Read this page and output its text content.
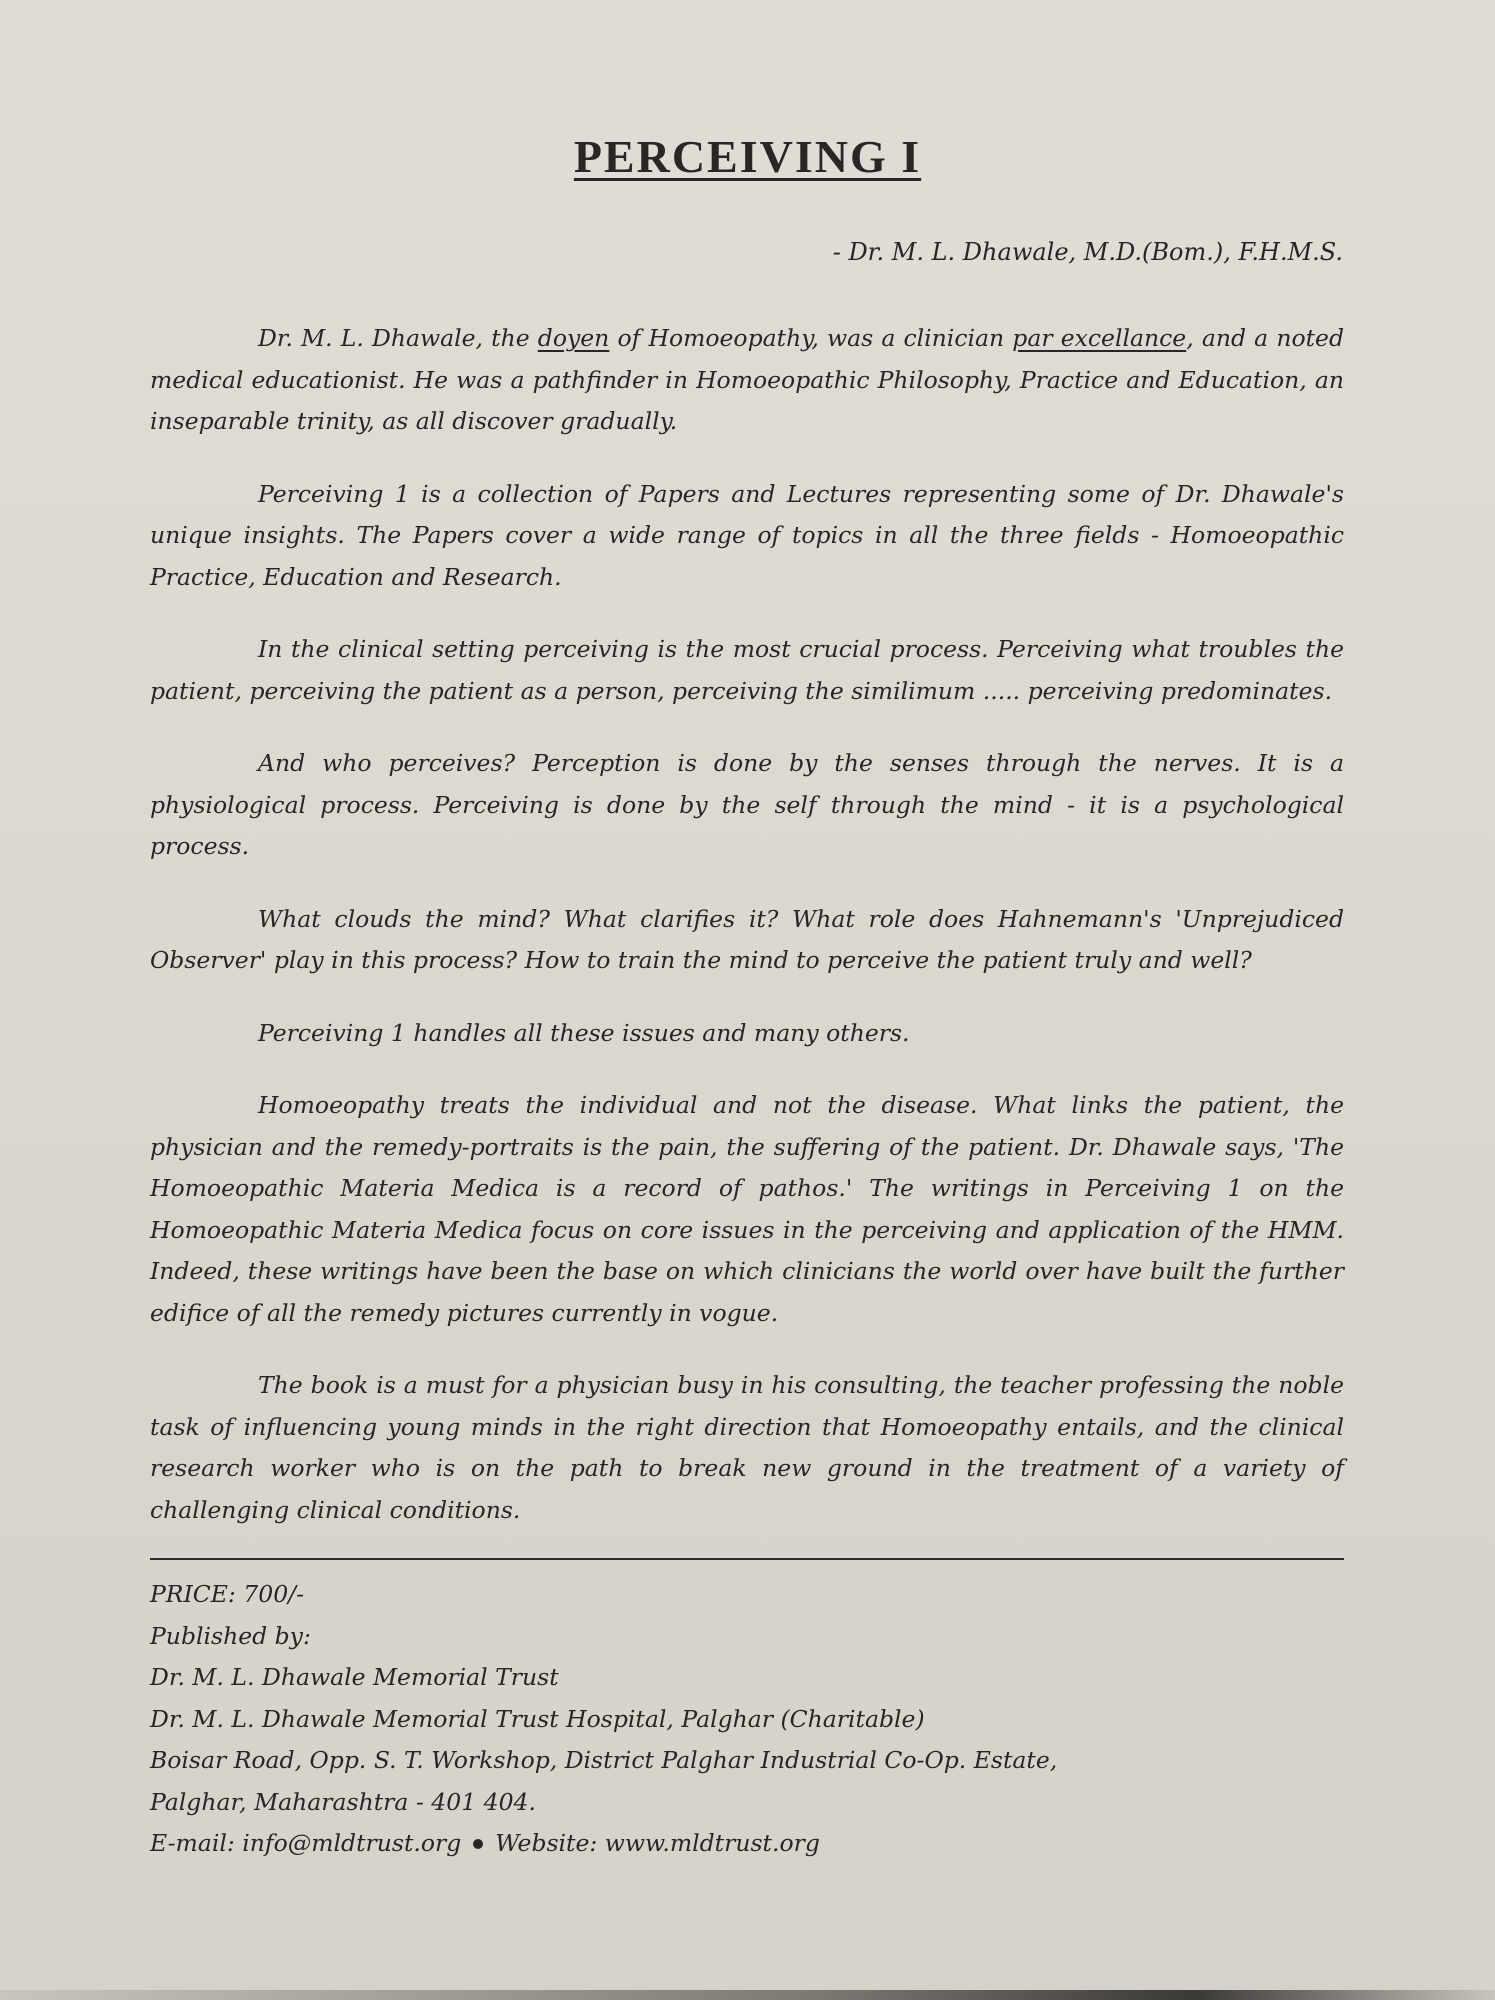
PERCEIVING I
- Dr. M. L. Dhawale, M.D.(Bom.), F.H.M.S.

Dr. M. L. Dhawale, the doyen of Homoeopathy, was a clinician par excellance, and a noted medical educationist. He was a pathfinder in Homoeopathic Philosophy, Practice and Education, an inseparable trinity, as all discover gradually.

Perceiving 1 is a collection of Papers and Lectures representing some of Dr. Dhawale's unique insights. The Papers cover a wide range of topics in all the three fields - Homoeopathic Practice, Education and Research.

In the clinical setting perceiving is the most crucial process. Perceiving what troubles the patient, perceiving the patient as a person, perceiving the similimum ..... perceiving predominates.

And who perceives? Perception is done by the senses through the nerves. It is a physiological process. Perceiving is done by the self through the mind - it is a psychological process.

What clouds the mind? What clarifies it? What role does Hahnemann's 'Unprejudiced Observer' play in this process? How to train the mind to perceive the patient truly and well?

Perceiving 1 handles all these issues and many others.

Homoeopathy treats the individual and not the disease. What links the patient, the physician and the remedy-portraits is the pain, the suffering of the patient. Dr. Dhawale says, 'The Homoeopathic Materia Medica is a record of pathos.' The writings in Perceiving 1 on the Homoeopathic Materia Medica focus on core issues in the perceiving and application of the HMM. Indeed, these writings have been the base on which clinicians the world over have built the further edifice of all the remedy pictures currently in vogue.

The book is a must for a physician busy in his consulting, the teacher professing the noble task of influencing young minds in the right direction that Homoeopathy entails, and the clinical research worker who is on the path to break new ground in the treatment of a variety of challenging clinical conditions.

PRICE: 700/-
Published by:
Dr. M. L. Dhawale Memorial Trust
Dr. M. L. Dhawale Memorial Trust Hospital, Palghar (Charitable)
Boisar Road, Opp. S. T. Workshop, District Palghar Industrial Co-Op. Estate,
Palghar, Maharashtra - 401 404.
E-mail: info@mldtrust.org Website: www.mldtrust.org
